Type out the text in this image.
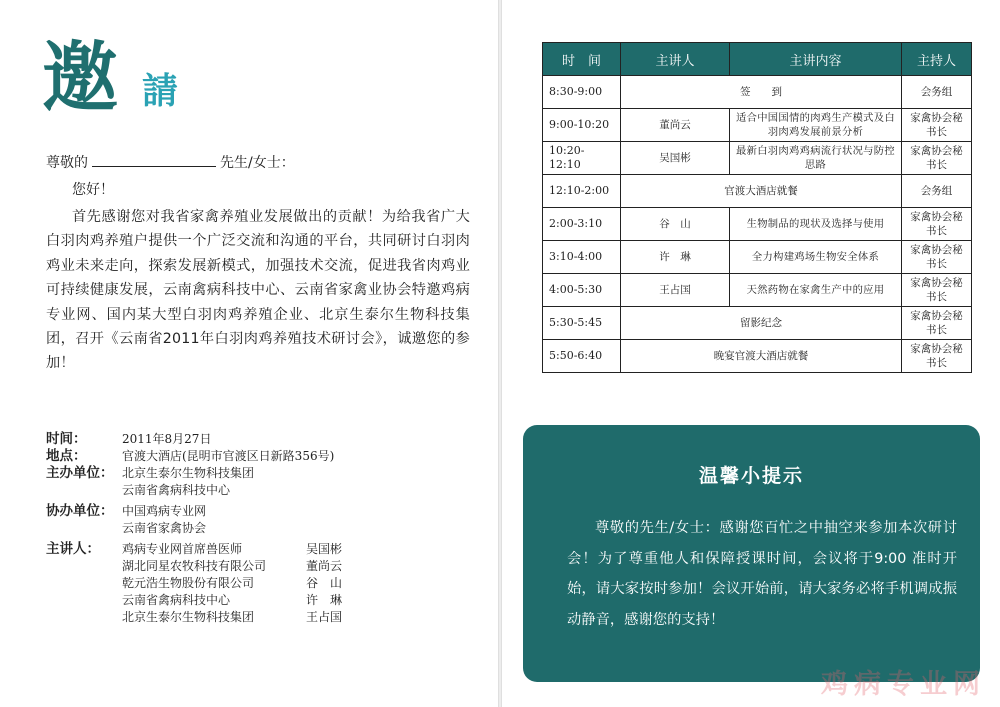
邀 請
尊敬的	先生/女士：
您好！
首先感谢您对我省家禽养殖业发展做出的贡献！为给我省广大白羽肉鸡养殖户提供一个广泛交流和沟通的平台，共同研讨白羽肉鸡业未来走向，探索发展新模式，加强技术交流，促进我省肉鸡业可持续健康发展，云南禽病科技中心、云南省家禽业协会特邀鸡病专业网、国内某大型白羽肉鸡养殖企业、北京生泰尔生物科技集团，召开《云南省2011年白羽肉鸡养殖技术研讨会》，诚邀您的参加！
时间：	2011年8月27日
地点：	官渡大酒店(昆明市官渡区日新路356号)
主办单位： 北京生泰尔生物科技集团
云南省禽病科技中心
协办单位： 中国鸡病专业网
云南省家禽协会
主讲人：	鸡病专业网首席兽医师	吴国彬
湖北同星农牧科技有限公司	董尚云
乾元浩生物股份有限公司	谷　山
云南省禽病科技中心	许　琳
北京生泰尔生物科技集团	王占国
时　间	主讲人	主讲内容	主持人
8:30-9:00	签　　到		会务组
9:00-10:20	董尚云	适合中国国情的肉鸡生产模式及白羽肉鸡发展前景分析	家禽协会秘书长
10:20-12:10	吴国彬	最新白羽肉鸡鸡病流行状况与防控思路	家禽协会秘书长
12:10-2:00	官渡大酒店就餐		会务组
2:00-3:10	谷　山	生物制品的现状及选择与使用	家禽协会秘书长
3:10-4:00	许　琳	全力构建鸡场生物安全体系	家禽协会秘书长
4:00-5:30	王占国	天然药物在家禽生产中的应用	家禽协会秘书长
5:30-5:45	留影纪念		家禽协会秘书长
5:50-6:40	晚宴官渡大酒店就餐		家禽协会秘书长
温馨小提示
尊敬的先生/女士：感谢您百忙之中抽空来参加本次研讨会！为了尊重他人和保障授课时间，会议将于9:00 准时开始，请大家按时参加！会议开始前，请大家务必将手机调成振动静音，感谢您的支持！
鸡病专业网
